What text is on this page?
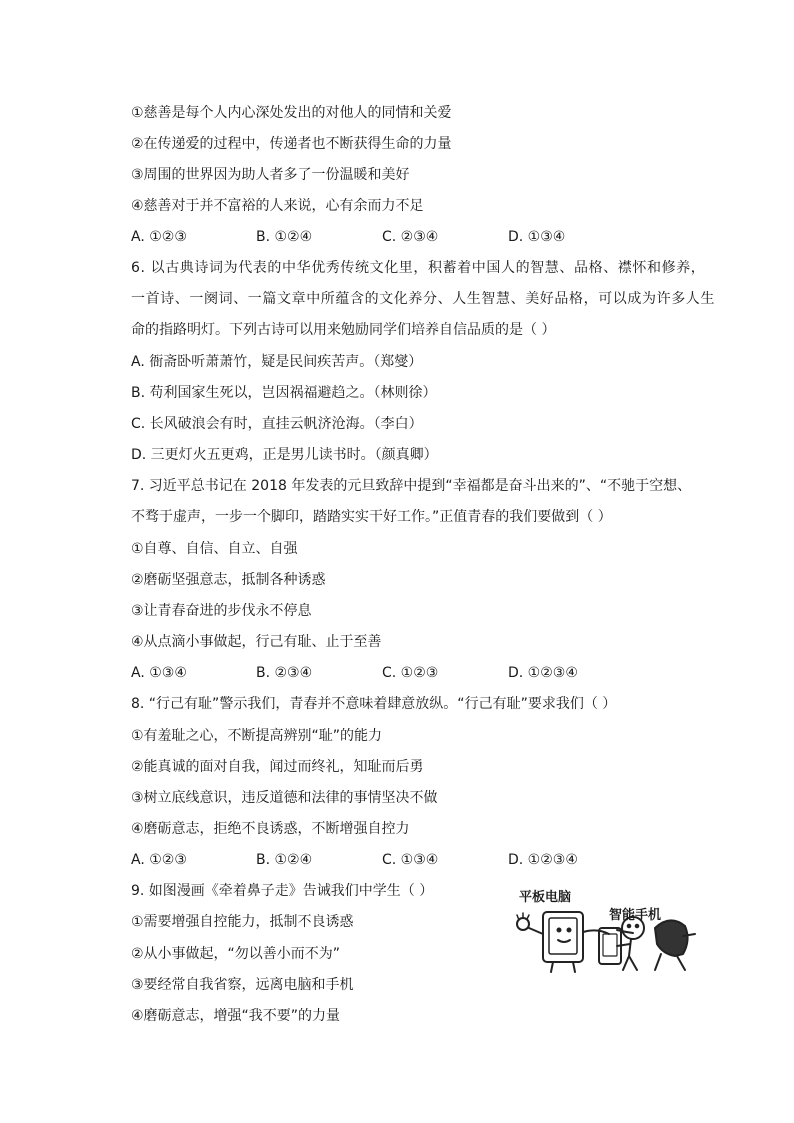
①慈善是每个人内心深处发出的对他人的同情和关爱
②在传递爱的过程中，传递者也不断获得生命的力量
③周围的世界因为助人者多了一份温暖和美好
④慈善对于并不富裕的人来说，心有余而力不足
A. ①②③	B. ①②④	C. ②③④	D. ①③④
6. 以古典诗词为代表的中华优秀传统文化里，积蓄着中国人的智慧、品格、襟怀和修养，
一首诗、一阕词、一篇文章中所蕴含的文化养分、人生智慧、美好品格，可以成为许多人生
命的指路明灯。下列古诗可以用来勉励同学们培养自信品质的是（ ）
A. 衙斋卧听萧萧竹，疑是民间疾苦声。（郑燮）
B. 苟利国家生死以，岂因祸福避趋之。（林则徐）
C. 长风破浪会有时，直挂云帆济沧海。（李白）
D. 三更灯火五更鸡，正是男儿读书时。（颜真卿）
7. 习近平总书记在 2018 年发表的元旦致辞中提到“幸福都是奋斗出来的”、“不驰于空想、
不骛于虚声，一步一个脚印，踏踏实实干好工作。”正值青春的我们要做到（ ）
①自尊、自信、自立、自强
②磨砺坚强意志，抵制各种诱惑
③让青春奋进的步伐永不停息
④从点滴小事做起，行己有耻、止于至善
A. ①③④	B. ②③④	C. ①②③	D. ①②③④
8. “行己有耻”警示我们，青春并不意味着肆意放纵。“行己有耻”要求我们（ ）
①有羞耻之心，不断提高辨别“耻”的能力
②能真诚的面对自我，闻过而终礼，知耻而后勇
③树立底线意识，违反道德和法律的事情坚决不做
④磨砺意志，拒绝不良诱惑，不断增强自控力
A. ①②③	B. ①②④	C. ①③④	D. ①②③④
9. 如图漫画《牵着鼻子走》告诫我们中学生（ ）
①需要增强自控能力，抵制不良诱惑
②从小事做起，“勿以善小而不为”
③要经常自我省察，远离电脑和手机
④磨砺意志，增强“我不要”的力量
平板电脑
智能手机
